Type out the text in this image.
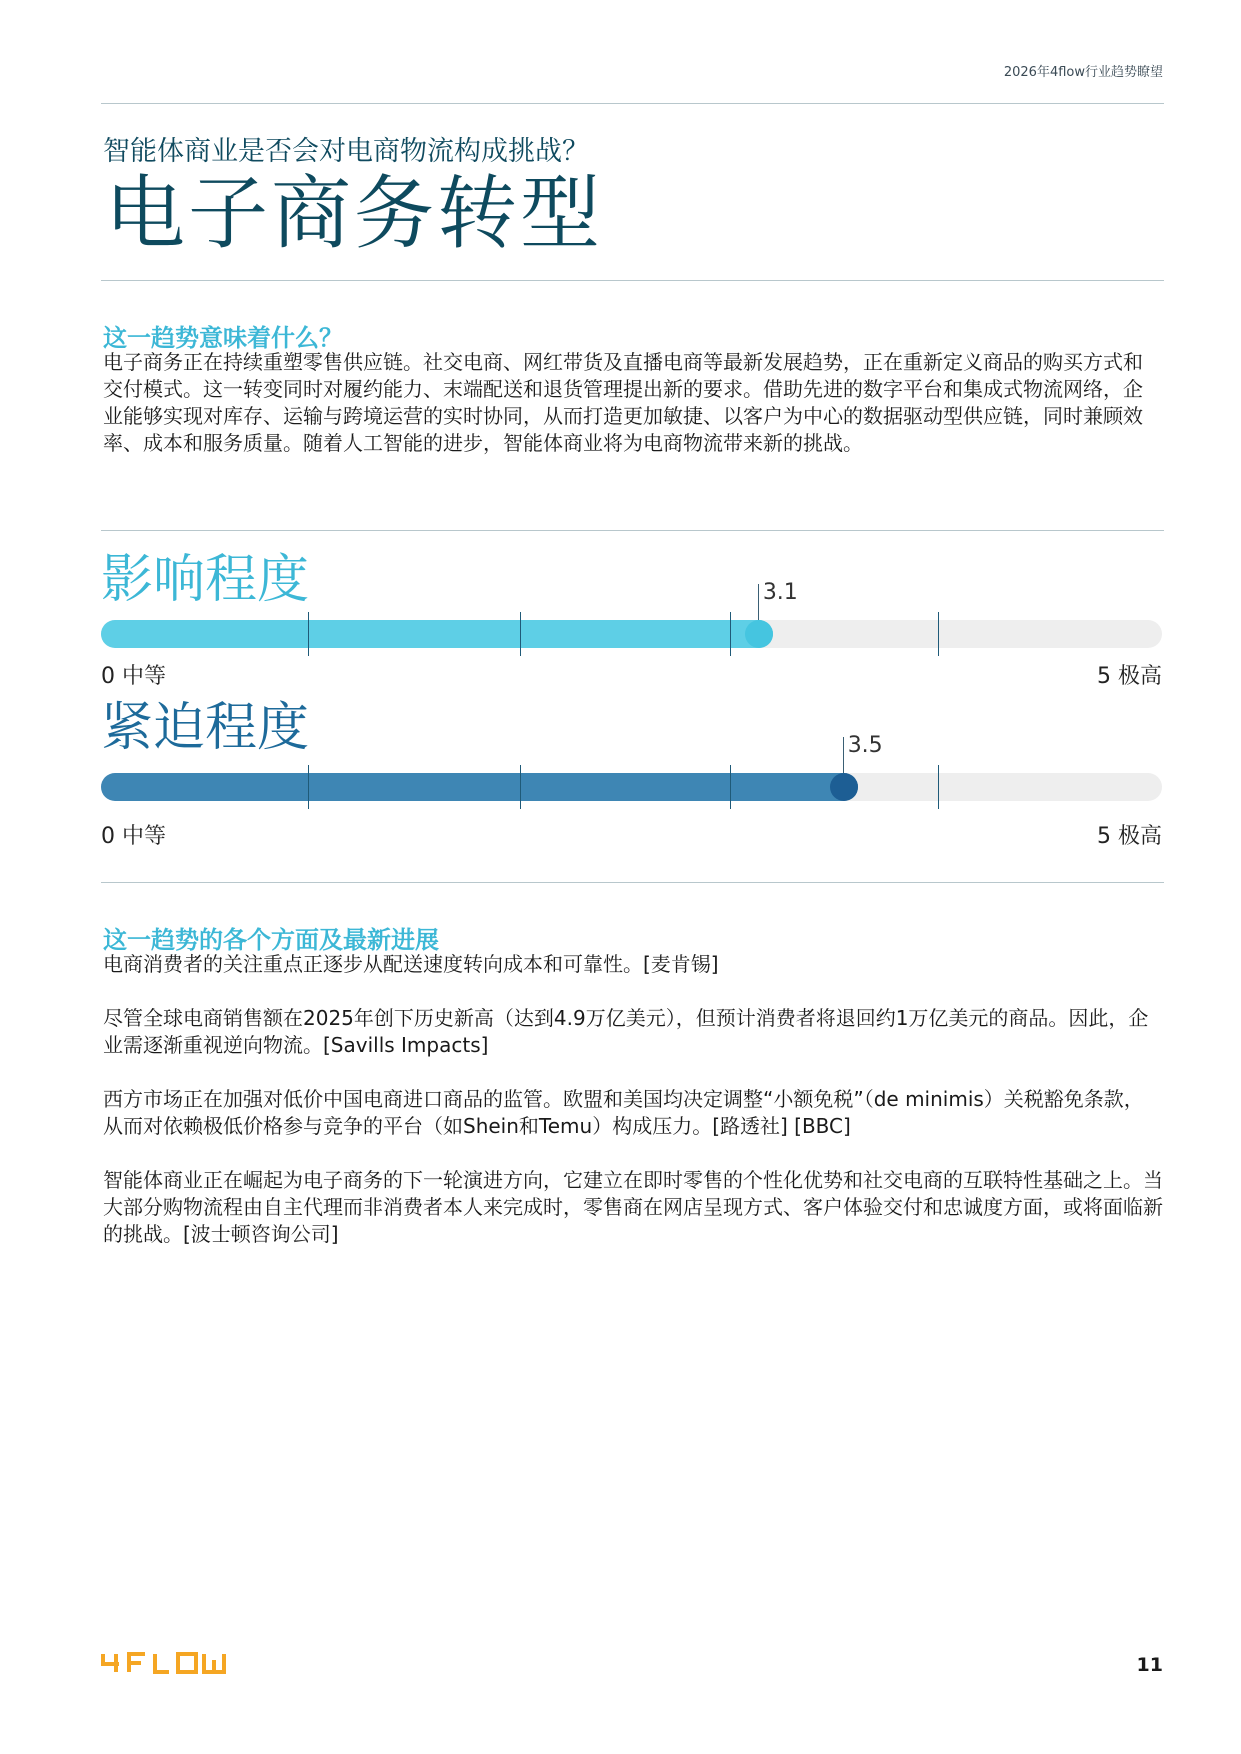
2026年4flow行业趋势瞭望
智能体商业是否会对电商物流构成挑战？
电子商务转型
这一趋势意味着什么？
电子商务正在持续重塑零售供应链。社交电商、网红带货及直播电商等最新发展趋势，正在重新定义商品的购买方式和交付模式。这一转变同时对履约能力、末端配送和退货管理提出新的要求。借助先进的数字平台和集成式物流网络，企业能够实现对库存、运输与跨境运营的实时协同，从而打造更加敏捷、以客户为中心的数据驱动型供应链，同时兼顾效率、成本和服务质量。随着人工智能的进步，智能体商业将为电商物流带来新的挑战。
影响程度	3.1
0 中等	5 极高
紧迫程度	3.5
0 中等	5 极高
这一趋势的各个方面及最新进展

电商消费者的关注重点正逐步从配送速度转向成本和可靠性。[麦肯锡]

尽管全球电商销售额在2025年创下历史新高（达到4.9万亿美元），但预计消费者将退回约1万亿美元的商品。因此，企业需逐渐重视逆向物流。[Savills Impacts]

西方市场正在加强对低价中国电商进口商品的监管。欧盟和美国均决定调整“小额免税”（de minimis）关税豁免条款，从而对依赖极低价格参与竞争的平台（如Shein和Temu）构成压力。[路透社] [BBC]

智能体商业正在崛起为电子商务的下一轮演进方向，它建立在即时零售的个性化优势和社交电商的互联特性基础之上。当大部分购物流程由自主代理而非消费者本人来完成时，零售商在网店呈现方式、客户体验交付和忠诚度方面，或将面临新的挑战。[波士顿咨询公司]

11
